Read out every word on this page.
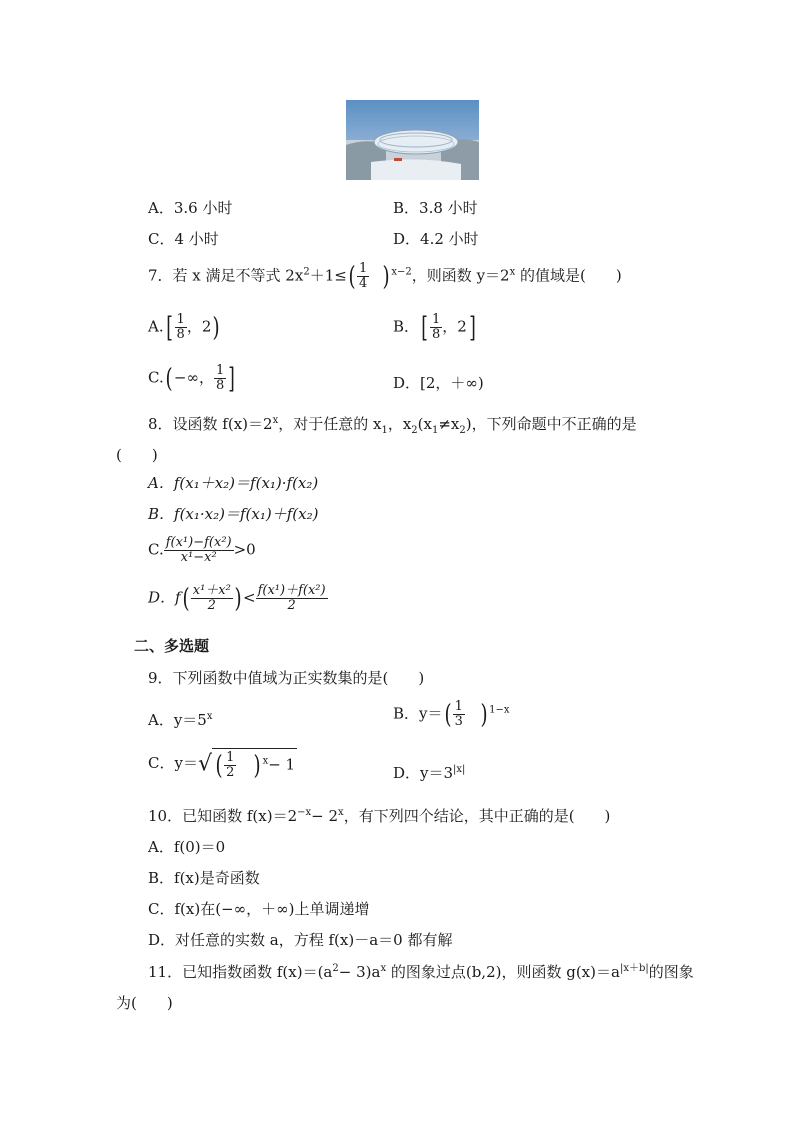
A．3.6 小时	B．3.8 小时
C．4 小时	D．4.2 小时
7．若 x 满足不等式 $2x^2+1\le( \frac{1}{4}$ ) $^{x-2}$，则函数 $y=2^x$ 的值域是(　　)
$A.[ \frac{1}{8}$ ，2)	B．[ $\frac{1}{8}$ ，2]
C.( −∞， $\frac{1}{8}$ ]	D．[2，＋∞)
8．设函数 $f(x)=2^x$，对于任意的 $x_1$，$x_2(x_1\ne x_2)$，下列命题中不正确的是
(　　)
A．f(x₁＋x₂)＝f(x₁)·f(x₂)
B．f(x₁·x₂)＝f(x₁)＋f(x₂)
C. $\frac{\text{f(x¹)−f(x²)}}{\text{x¹−x²}} >0$
D．$f( \frac{\text{x¹＋x²}}{2}$ ) < $\frac{\text{f(x¹)＋f(x²)}}{2}$
二、多选题
9．下列函数中值域为正实数集的是(　　)
A．$y=5^x$	B．$y=( \frac{1}{3}$ ) $^{1-x}$
C．y＝√ ( $\frac{1}{2}$ ) $^x$− 1	D．$y=3^{|x|}$
10．已知函数 $f(x)=2^{-x}- 2^x$，有下列四个结论，其中正确的是(　　)
A．f(0)＝0
B．f(x)是奇函数
C．f(x)在(−∞，＋∞)上单调递增
D．对任意的实数 a，方程 f(x)－a＝0 都有解
11．已知指数函数 $f(x)=(a^2- 3)a^x$ 的图象过点(b,2)，则函数 $g(x)=a^{|x+b|}$的图象
为(　　)
